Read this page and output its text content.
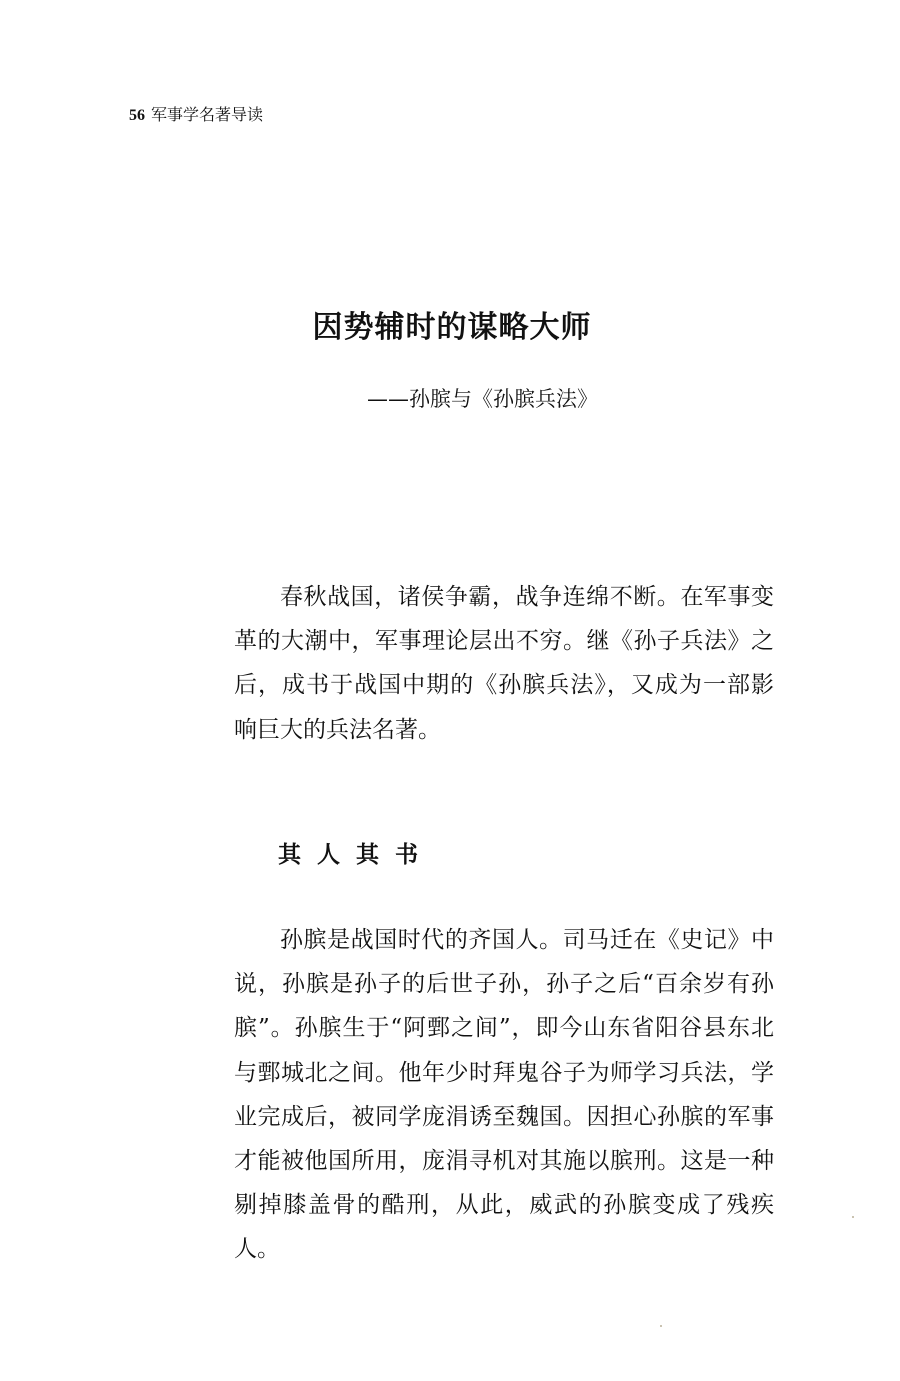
56 军事学名著导读
因势辅时的谋略大师
——孙膑与《孙膑兵法》

春秋战国，诸侯争霸，战争连绵不断。在军事变革的大潮中，军事理论层出不穷。继《孙子兵法》之后，成书于战国中期的《孙膑兵法》，又成为一部影响巨大的兵法名著。

其人其书

孙膑是战国时代的齐国人。司马迁在《史记》中说，孙膑是孙子的后世子孙，孙子之后“百余岁有孙膑”。孙膑生于“阿鄄之间”，即今山东省阳谷县东北与鄄城北之间。他年少时拜鬼谷子为师学习兵法，学业完成后，被同学庞涓诱至魏国。因担心孙膑的军事才能被他国所用，庞涓寻机对其施以膑刑。这是一种剔掉膝盖骨的酷刑，从此，威武的孙膑变成了残疾人。
